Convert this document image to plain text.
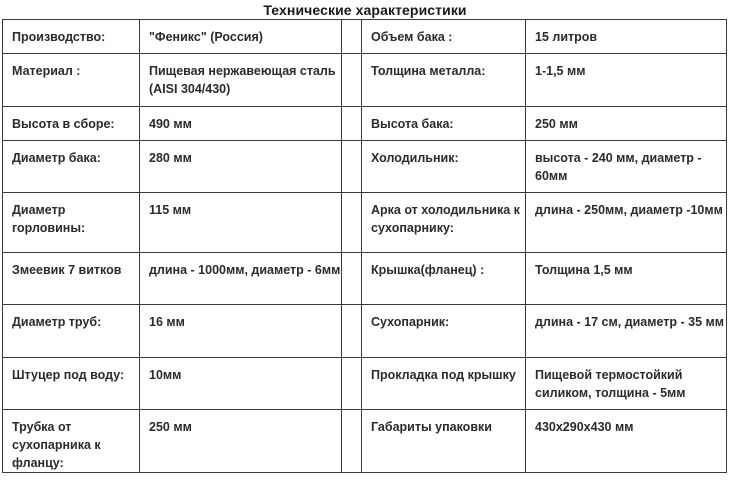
Технические характеристики
Производство:	"Феникс" (Россия)		Объем бака :	15 литров
Материал :	Пищевая нержавеющая сталь (AISI 304/430)		Толщина металла:	1-1,5 мм
Высота в сборе:	490 мм		Высота бака:	250 мм
Диаметр бака:	280 мм		Холодильник:	высота - 240 мм, диаметр - 60мм
Диаметр горловины:	115 мм		Арка от холодильника к сухопарнику:	длина - 250мм, диаметр -10мм
Змеевик 7 витков	длина - 1000мм, диаметр - 6мм		Крышка(фланец) :	Толщина 1,5 мм
Диаметр труб:	16 мм		Сухопарник:	длина - 17 см, диаметр - 35 мм
Штуцер под воду:	10мм		Прокладка под крышку	Пищевой термостойкий силиком, толщина - 5мм
Трубка от сухопарника к фланцу:	250 мм		Габариты упаковки	430х290х430 мм
